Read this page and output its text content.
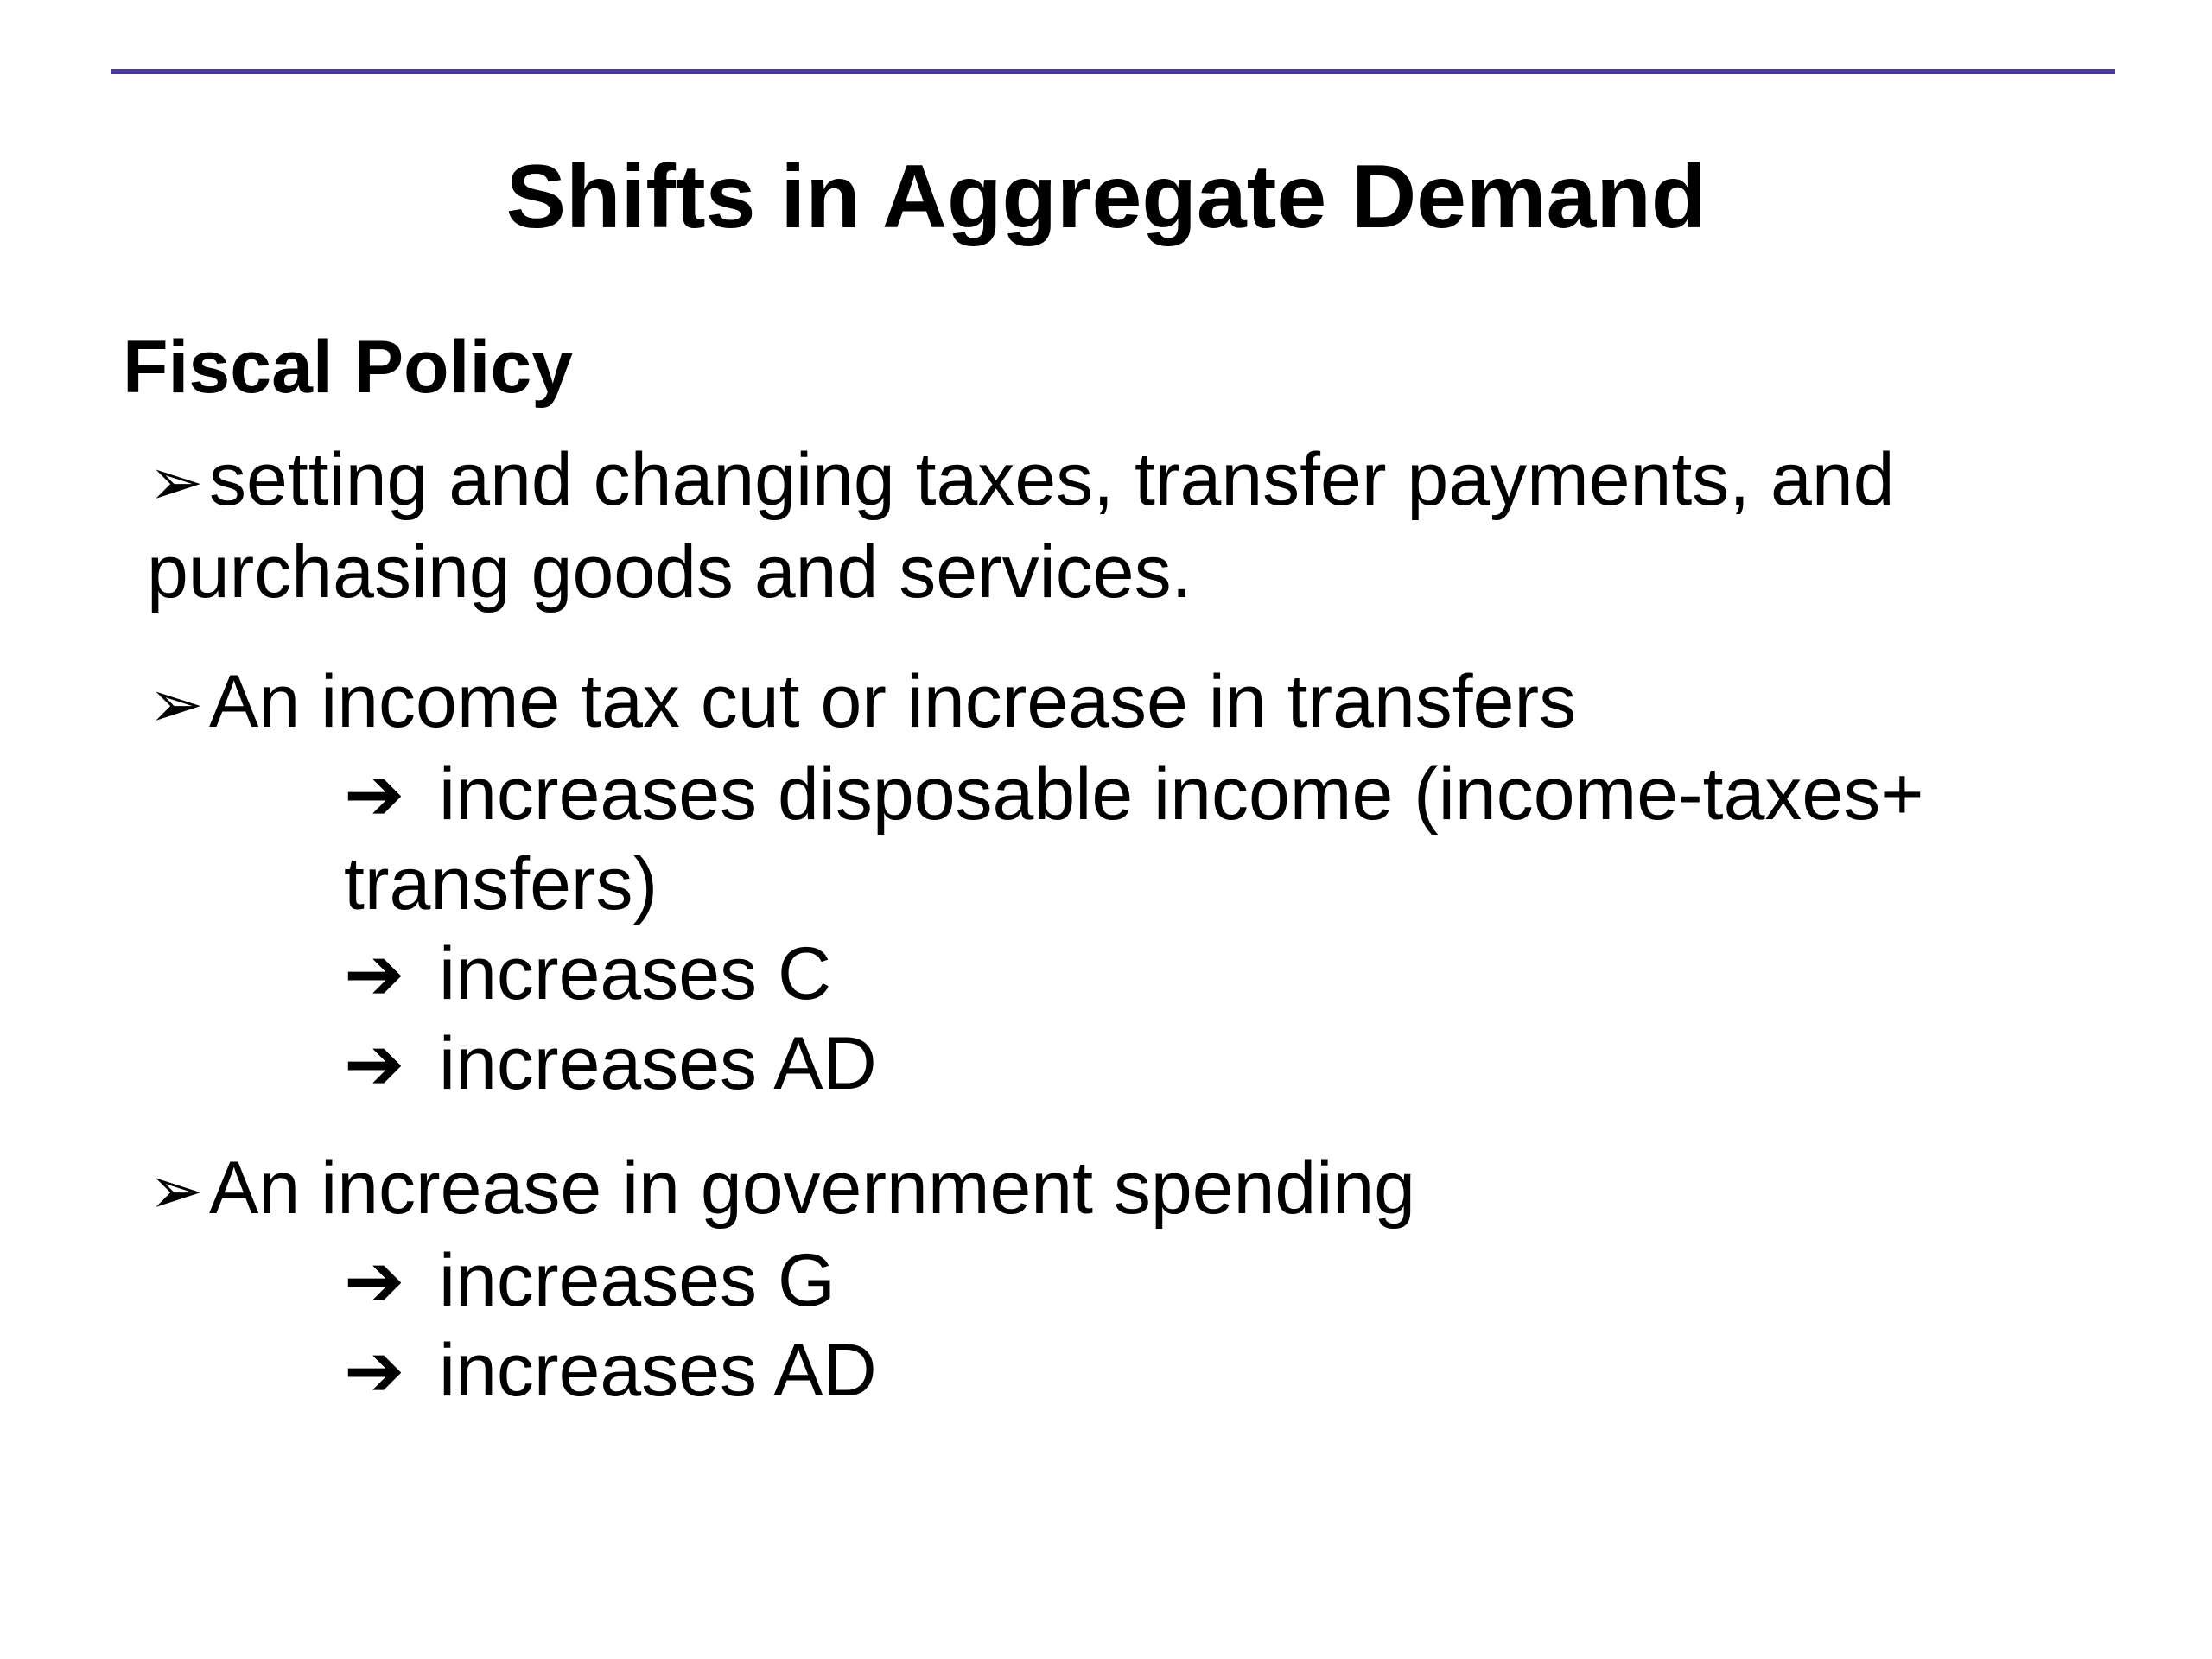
Shifts in Aggregate Demand
Fiscal Policy
➢setting and changing taxes, transfer payments, and
purchasing goods and services.
➢An income tax cut or increase in transfers
➔ increases disposable income (income-taxes+
transfers)
➔ increases C
➔ increases AD
➢An increase in government spending
➔ increases G
➔ increases AD
